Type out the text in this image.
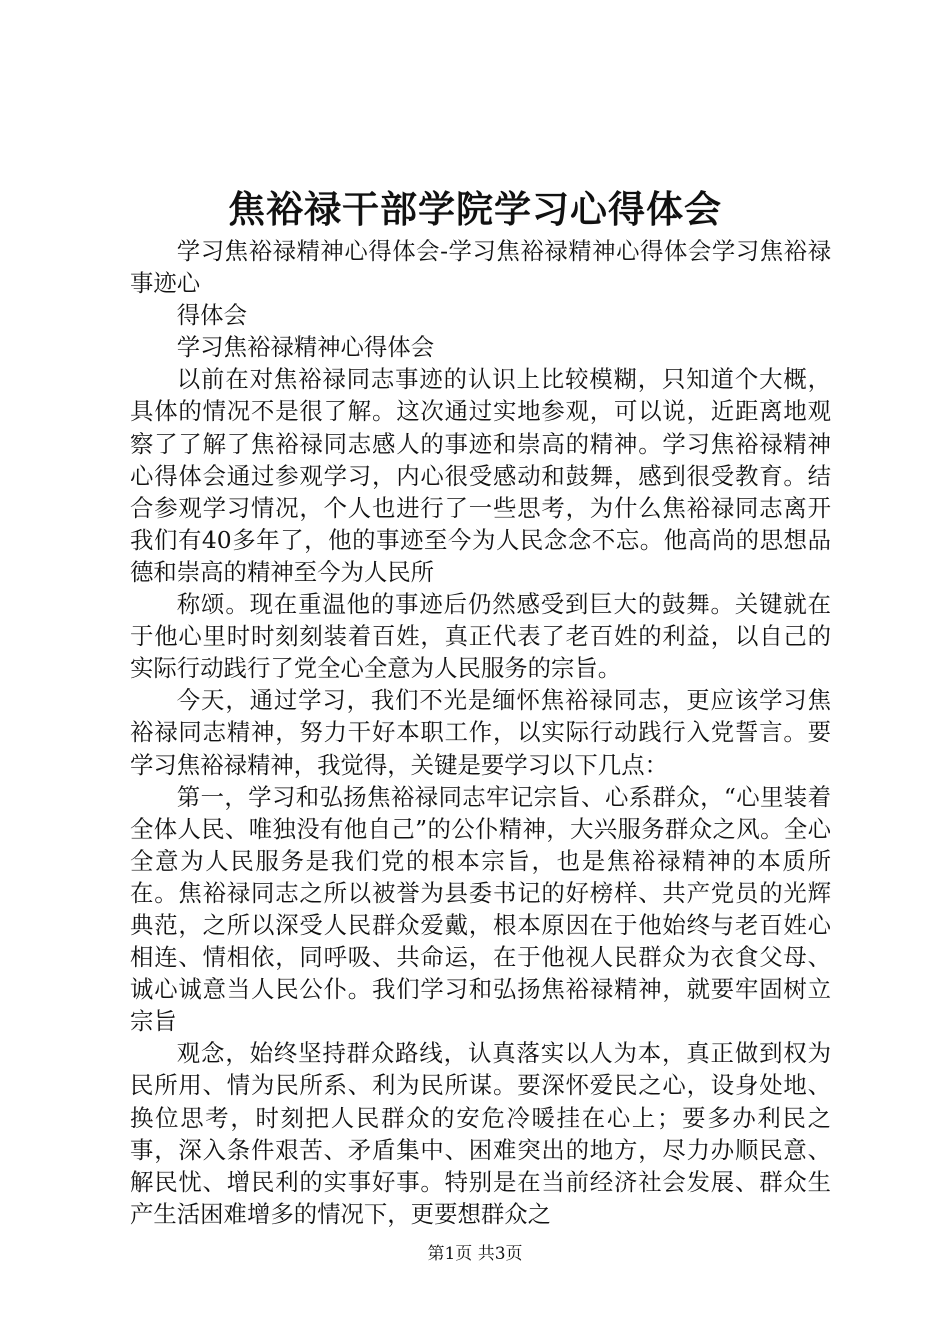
焦裕禄干部学院学习心得体会

学习焦裕禄精神心得体会-学习焦裕禄精神心得体会学习焦裕禄事迹心

得体会

学习焦裕禄精神心得体会

以前在对焦裕禄同志事迹的认识上比较模糊，只知道个大概，具体的情况不是很了解。这次通过实地参观，可以说，近距离地观察了了解了焦裕禄同志感人的事迹和崇高的精神。学习焦裕禄精神心得体会通过参观学习，内心很受感动和鼓舞，感到很受教育。结合参观学习情况，个人也进行了一些思考，为什么焦裕禄同志离开我们有40多年了，他的事迹至今为人民念念不忘。他高尚的思想品德和崇高的精神至今为人民所

称颂。现在重温他的事迹后仍然感受到巨大的鼓舞。关键就在于他心里时时刻刻装着百姓，真正代表了老百姓的利益，以自己的实际行动践行了党全心全意为人民服务的宗旨。

今天，通过学习，我们不光是缅怀焦裕禄同志，更应该学习焦裕禄同志精神，努力干好本职工作，以实际行动践行入党誓言。要学习焦裕禄精神，我觉得，关键是要学习以下几点：

第一，学习和弘扬焦裕禄同志牢记宗旨、心系群众，“心里装着全体人民、唯独没有他自己”的公仆精神，大兴服务群众之风。全心全意为人民服务是我们党的根本宗旨，也是焦裕禄精神的本质所在。焦裕禄同志之所以被誉为县委书记的好榜样、共产党员的光辉典范，之所以深受人民群众爱戴，根本原因在于他始终与老百姓心相连、情相依，同呼吸、共命运，在于他视人民群众为衣食父母、诚心诚意当人民公仆。我们学习和弘扬焦裕禄精神，就要牢固树立宗旨

观念，始终坚持群众路线，认真落实以人为本，真正做到权为民所用、情为民所系、利为民所谋。要深怀爱民之心，设身处地、换位思考，时刻把人民群众的安危冷暖挂在心上；要多办利民之事，深入条件艰苦、矛盾集中、困难突出的地方，尽力办顺民意、解民忧、增民利的实事好事。特别是在当前经济社会发展、群众生产生活困难增多的情况下，更要想群众之

第1页 共3页
